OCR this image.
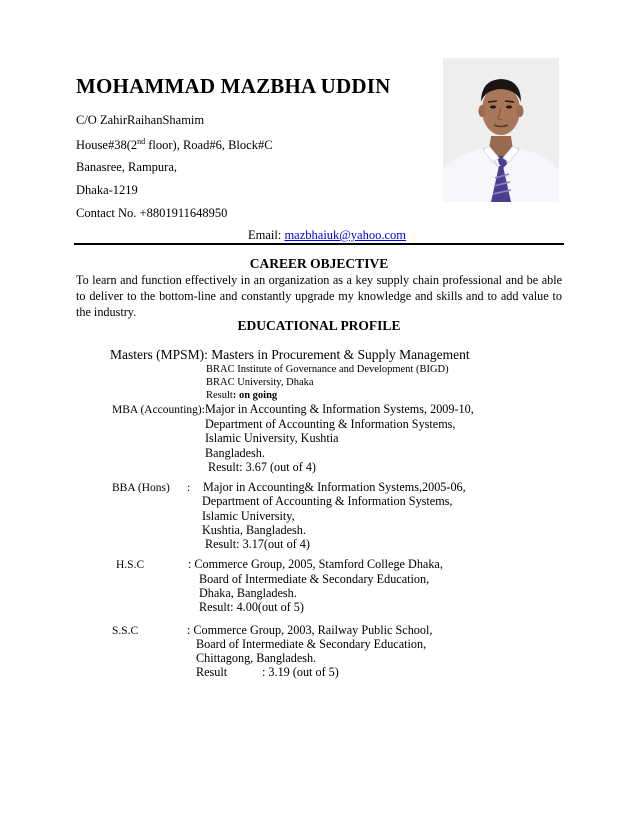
MOHAMMAD MAZBHA UDDIN
C/O ZahirRaihanShamim
House#38(2nd floor), Road#6, Block#C
Banasree, Rampura,
Dhaka-1219
Contact No. +8801911648950
Email: mazbhaiuk@yahoo.com
CAREER OBJECTIVE
To learn and function effectively in an organization as a key supply chain professional and be able to deliver to the bottom-line and constantly upgrade my knowledge and skills and to add value to the industry.
EDUCATIONAL PROFILE
Masters (MPSM): Masters in Procurement & Supply Management
BRAC Institute of Governance and Development (BIGD)
BRAC University, Dhaka
Result: on going
MBA (Accounting): Major in Accounting & Information Systems, 2009-10,
Department of Accounting & Information Systems,
Islamic University, Kushtia
Bangladesh.
Result: 3.67 (out of 4)
BBA (Hons) : Major in Accounting& Information Systems,2005-06,
Department of Accounting & Information Systems,
Islamic University,
Kushtia, Bangladesh.
Result: 3.17(out of 4)
H.S.C	: Commerce Group, 2005, Stamford College Dhaka,
Board of Intermediate & Secondary Education,
Dhaka, Bangladesh.
Result: 4.00(out of 5)
S.S.C	: Commerce Group, 2003, Railway Public School,
Board of Intermediate & Secondary Education,
Chittagong, Bangladesh.
Result	: 3.19 (out of 5)
